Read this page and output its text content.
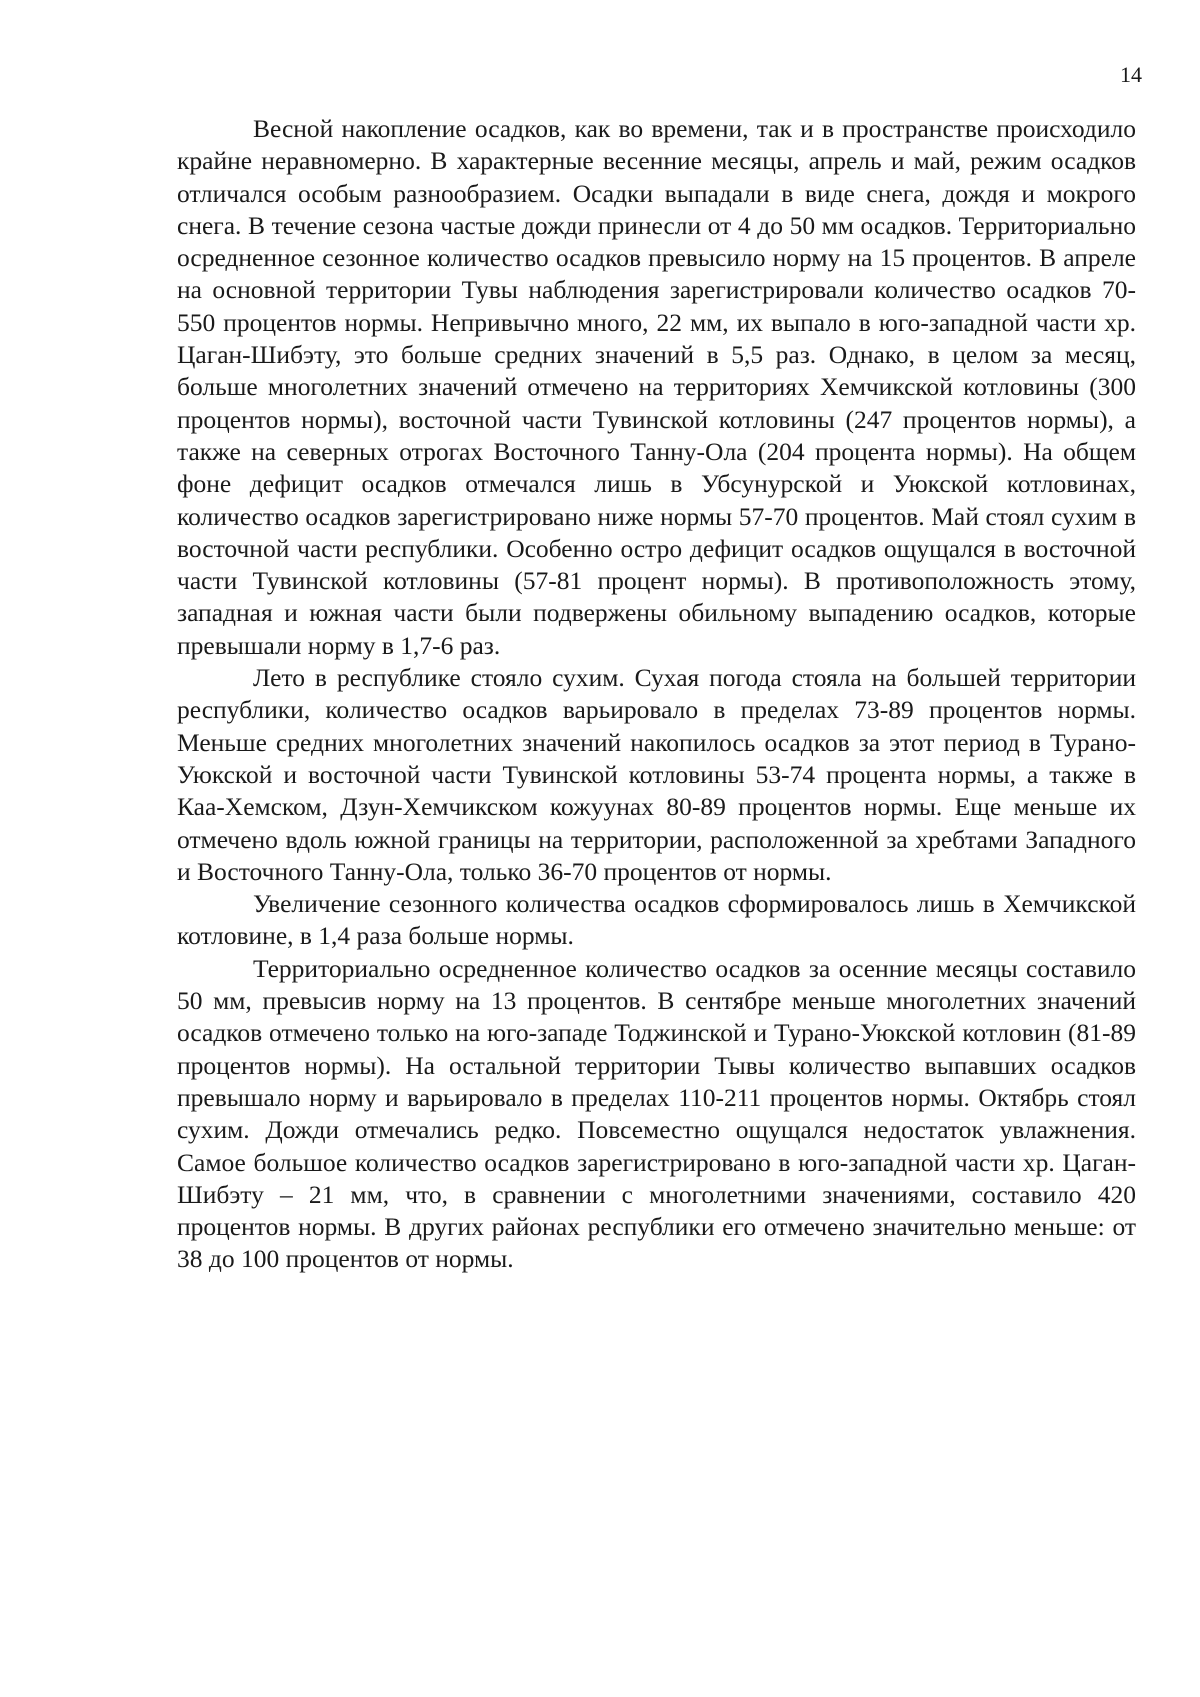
14

Весной накопление осадков, как во времени, так и в пространстве происходило крайне неравномерно. В характерные весенние месяцы, апрель и май, режим осадков отличался особым разнообразием. Осадки выпадали в виде снега, дождя и мокрого снега. В течение сезона частые дожди принесли от 4 до 50 мм осадков. Территориально осредненное сезонное количество осадков превысило норму на 15 процентов. В апреле на основной территории Тувы наблюдения зарегистрировали количество осадков 70-550 процентов нормы. Непривычно много, 22 мм, их выпало в юго-западной части хр. Цаган-Шибэту, это больше средних значений в 5,5 раз. Однако, в целом за месяц, больше многолетних значений отмечено на территориях Хемчикской котловины (300 процентов нормы), восточной части Тувинской котловины (247 процентов нормы), а также на северных отрогах Восточного Танну-Ола (204 процента нормы). На общем фоне дефицит осадков отмечался лишь в Убсунурской и Уюкской котловинах, количество осадков зарегистрировано ниже нормы 57-70 процентов. Май стоял сухим в восточной части республики. Особенно остро дефицит осадков ощущался в восточной части Тувинской котловины (57-81 процент нормы). В противоположность этому, западная и южная части были подвержены обильному выпадению осадков, которые превышали норму в 1,7-6 раз.

Лето в республике стояло сухим. Сухая погода стояла на большей территории республики, количество осадков варьировало в пределах 73-89 процентов нормы. Меньше средних многолетних значений накопилось осадков за этот период в Турано-Уюкской и восточной части Тувинской котловины 53-74 процента нормы, а также в Каа-Хемском, Дзун-Хемчикском кожуунах 80-89 процентов нормы. Еще меньше их отмечено вдоль южной границы на территории, расположенной за хребтами Западного и Восточного Танну-Ола, только 36-70 процентов от нормы.

Увеличение сезонного количества осадков сформировалось лишь в Хемчикской котловине, в 1,4 раза больше нормы.

Территориально осредненное количество осадков за осенние месяцы составило 50 мм, превысив норму на 13 процентов. В сентябре меньше многолетних значений осадков отмечено только на юго-западе Тоджинской и Турано-Уюкской котловин (81-89 процентов нормы). На остальной территории Тывы количество выпавших осадков превышало норму и варьировало в пределах 110-211 процентов нормы. Октябрь стоял сухим. Дожди отмечались редко. Повсеместно ощущался недостаток увлажнения. Самое большое количество осадков зарегистрировано в юго-западной части хр. Цаган-Шибэту – 21 мм, что, в сравнении с многолетними значениями, составило 420 процентов нормы. В других районах республики его отмечено значительно меньше: от 38 до 100 процентов от нормы.
